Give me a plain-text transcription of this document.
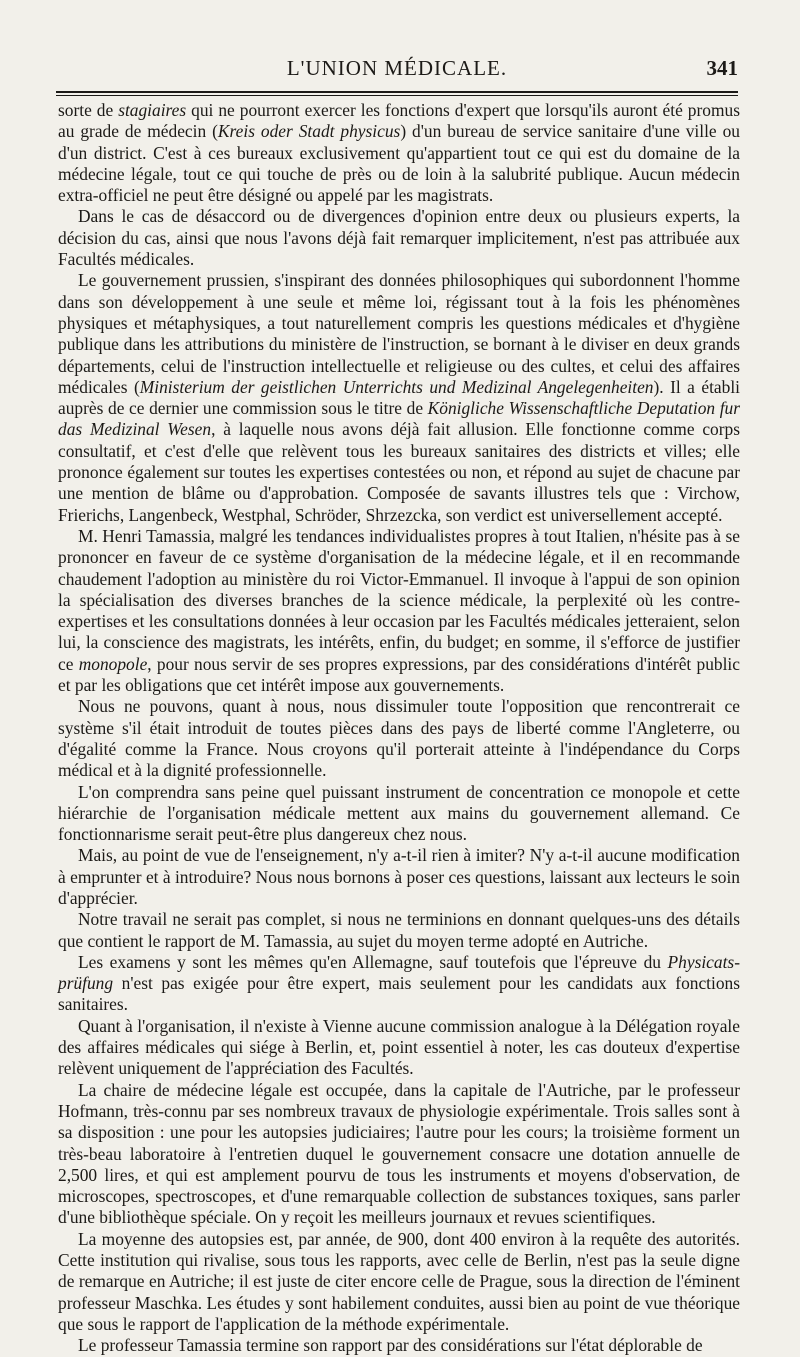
L'UNION MÉDICALE.	341

sorte de stagiaires qui ne pourront exercer les fonctions d'expert que lorsqu'ils auront été promus au grade de médecin (Kreis oder Stadt physicus) d'un bureau de service sanitaire d'une ville ou d'un district. C'est à ces bureaux exclusivement qu'appartient tout ce qui est du domaine de la médecine légale, tout ce qui touche de près ou de loin à la salubrité publique. Aucun médecin extra-officiel ne peut être désigné ou appelé par les magistrats.

Dans le cas de désaccord ou de divergences d'opinion entre deux ou plusieurs experts, la décision du cas, ainsi que nous l'avons déjà fait remarquer implicitement, n'est pas attribuée aux Facultés médicales.

Le gouvernement prussien, s'inspirant des données philosophiques qui subordonnent l'homme dans son développement à une seule et même loi, régissant tout à la fois les phénomènes physiques et métaphysiques, a tout naturellement compris les questions médicales et d'hygiène publique dans les attributions du ministère de l'instruction, se bornant à le diviser en deux grands départements, celui de l'instruction intellectuelle et religieuse ou des cultes, et celui des affaires médicales (Ministerium der geistlichen Unterrichts und Medizinal Angelegenheiten). Il a établi auprès de ce dernier une commission sous le titre de Königliche Wissenschaftliche Deputation fur das Medizinal Wesen, à laquelle nous avons déjà fait allusion. Elle fonctionne comme corps consultatif, et c'est d'elle que relèvent tous les bureaux sanitaires des districts et villes; elle prononce également sur toutes les expertises contestées ou non, et répond au sujet de chacune par une mention de blâme ou d'approbation. Composée de savants illustres tels que : Virchow, Frierichs, Langenbeck, Westphal, Schröder, Shrzezcka, son verdict est universellement accepté.

M. Henri Tamassia, malgré les tendances individualistes propres à tout Italien, n'hésite pas à se prononcer en faveur de ce système d'organisation de la médecine légale, et il en recommande chaudement l'adoption au ministère du roi Victor-Emmanuel. Il invoque à l'appui de son opinion la spécialisation des diverses branches de la science médicale, la perplexité où les contre-expertises et les consultations données à leur occasion par les Facultés médicales jetteraient, selon lui, la conscience des magistrats, les intérêts, enfin, du budget; en somme, il s'efforce de justifier ce monopole, pour nous servir de ses propres expressions, par des considérations d'intérêt public et par les obligations que cet intérêt impose aux gouvernements.

Nous ne pouvons, quant à nous, nous dissimuler toute l'opposition que rencontrerait ce système s'il était introduit de toutes pièces dans des pays de liberté comme l'Angleterre, ou d'égalité comme la France. Nous croyons qu'il porterait atteinte à l'indépendance du Corps médical et à la dignité professionnelle.

L'on comprendra sans peine quel puissant instrument de concentration ce monopole et cette hiérarchie de l'organisation médicale mettent aux mains du gouvernement allemand. Ce fonctionnarisme serait peut-être plus dangereux chez nous.

Mais, au point de vue de l'enseignement, n'y a-t-il rien à imiter? N'y a-t-il aucune modification à emprunter et à introduire? Nous nous bornons à poser ces questions, laissant aux lecteurs le soin d'apprécier.

Notre travail ne serait pas complet, si nous ne terminions en donnant quelques-uns des détails que contient le rapport de M. Tamassia, au sujet du moyen terme adopté en Autriche.

Les examens y sont les mêmes qu'en Allemagne, sauf toutefois que l'épreuve du Physicats-prüfung n'est pas exigée pour être expert, mais seulement pour les candidats aux fonctions sanitaires.

Quant à l'organisation, il n'existe à Vienne aucune commission analogue à la Délégation royale des affaires médicales qui siége à Berlin, et, point essentiel à noter, les cas douteux d'expertise relèvent uniquement de l'appréciation des Facultés.

La chaire de médecine légale est occupée, dans la capitale de l'Autriche, par le professeur Hofmann, très-connu par ses nombreux travaux de physiologie expérimentale. Trois salles sont à sa disposition : une pour les autopsies judiciaires; l'autre pour les cours; la troisième forment un très-beau laboratoire à l'entretien duquel le gouvernement consacre une dotation annuelle de 2,500 lires, et qui est amplement pourvu de tous les instruments et moyens d'observation, de microscopes, spectroscopes, et d'une remarquable collection de substances toxiques, sans parler d'une bibliothèque spéciale. On y reçoit les meilleurs journaux et revues scientifiques.

La moyenne des autopsies est, par année, de 900, dont 400 environ à la requête des autorités. Cette institution qui rivalise, sous tous les rapports, avec celle de Berlin, n'est pas la seule digne de remarque en Autriche; il est juste de citer encore celle de Prague, sous la direction de l'éminent professeur Maschka. Les études y sont habilement conduites, aussi bien au point de vue théorique que sous le rapport de l'application de la méthode expérimentale.

Le professeur Tamassia termine son rapport par des considérations sur l'état déplorable de
